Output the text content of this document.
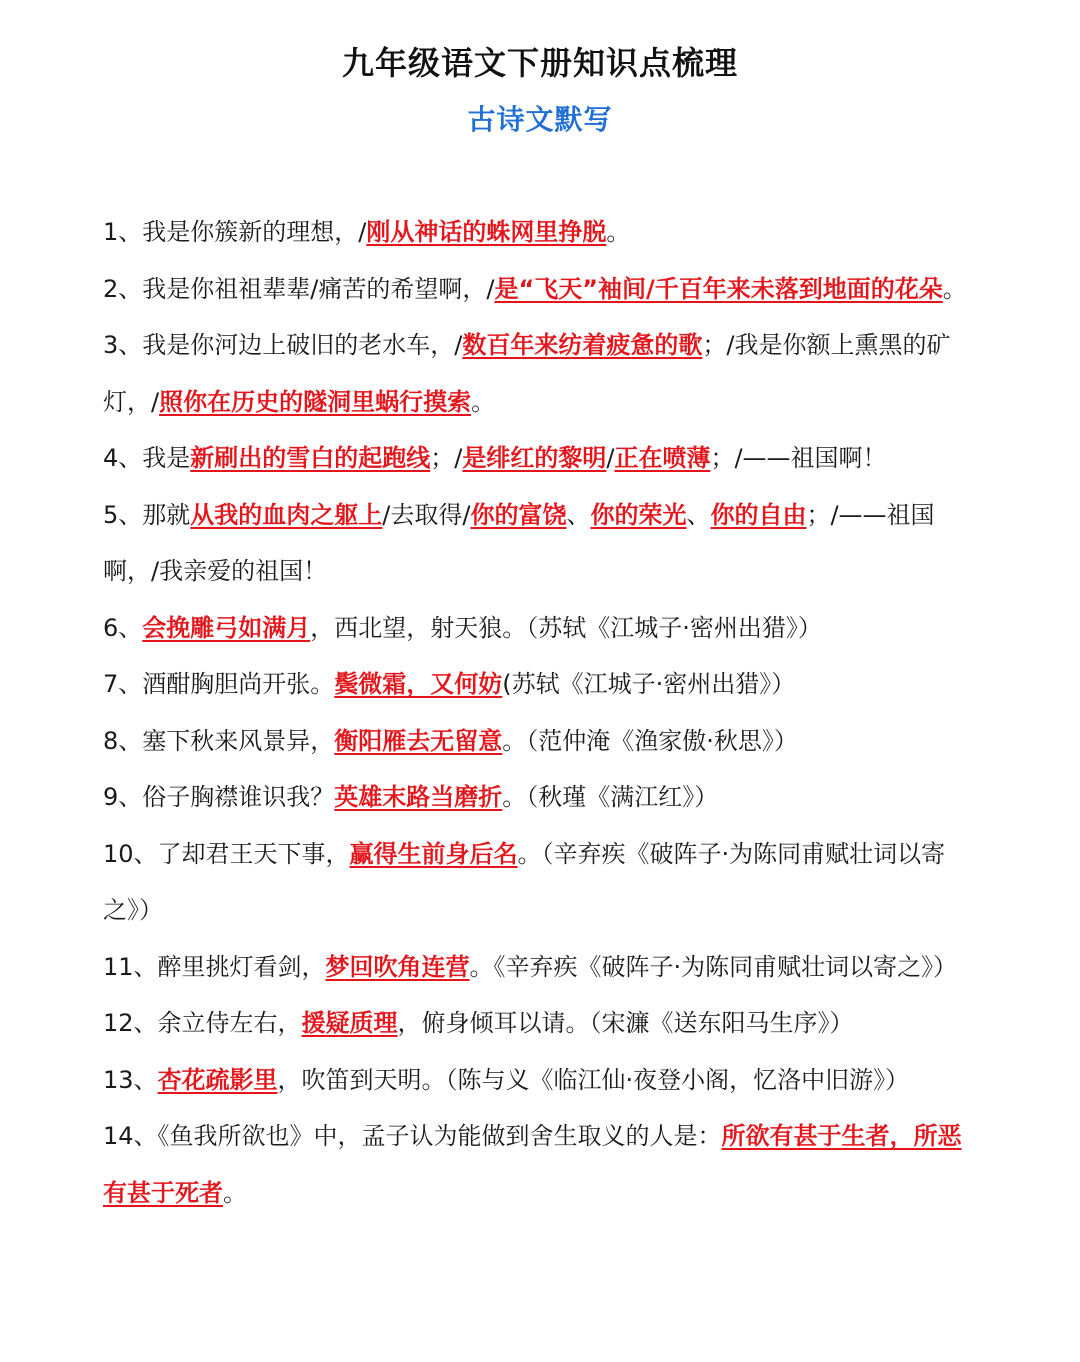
九年级语文下册知识点梳理
古诗文默写
1、我是你簇新的理想，/刚从神话的蛛网里挣脱。
2、我是你祖祖辈辈/痛苦的希望啊，/是“飞天”袖间/千百年来未落到地面的花朵。
3、我是你河边上破旧的老水车，/数百年来纺着疲惫的歌；/我是你额上熏黑的矿灯，/照你在历史的隧洞里蜗行摸索。
4、我是新刷出的雪白的起跑线；/是绯红的黎明/正在喷薄；/——祖国啊！
5、那就从我的血肉之躯上/去取得/你的富饶、你的荣光、你的自由；/——祖国啊，/我亲爱的祖国！
6、会挽雕弓如满月，西北望，射天狼。（苏轼《江城子·密州出猎》）
7、酒酣胸胆尚开张。鬓微霜，又何妨(苏轼《江城子·密州出猎》）
8、塞下秋来风景异，衡阳雁去无留意。（范仲淹《渔家傲·秋思》）
9、俗子胸襟谁识我？英雄末路当磨折。（秋瑾《满江红》）
10、了却君王天下事，赢得生前身后名。（辛弃疾《破阵子·为陈同甫赋壮词以寄之》）
11、醉里挑灯看剑，梦回吹角连营。《辛弃疾《破阵子·为陈同甫赋壮词以寄之》）
12、余立侍左右，援疑质理，俯身倾耳以请。（宋濂《送东阳马生序》）
13、杏花疏影里，吹笛到天明。（陈与义《临江仙·夜登小阁，忆洛中旧游》）
14、《鱼我所欲也》中，孟子认为能做到舍生取义的人是：所欲有甚于生者，所恶有甚于死者。
